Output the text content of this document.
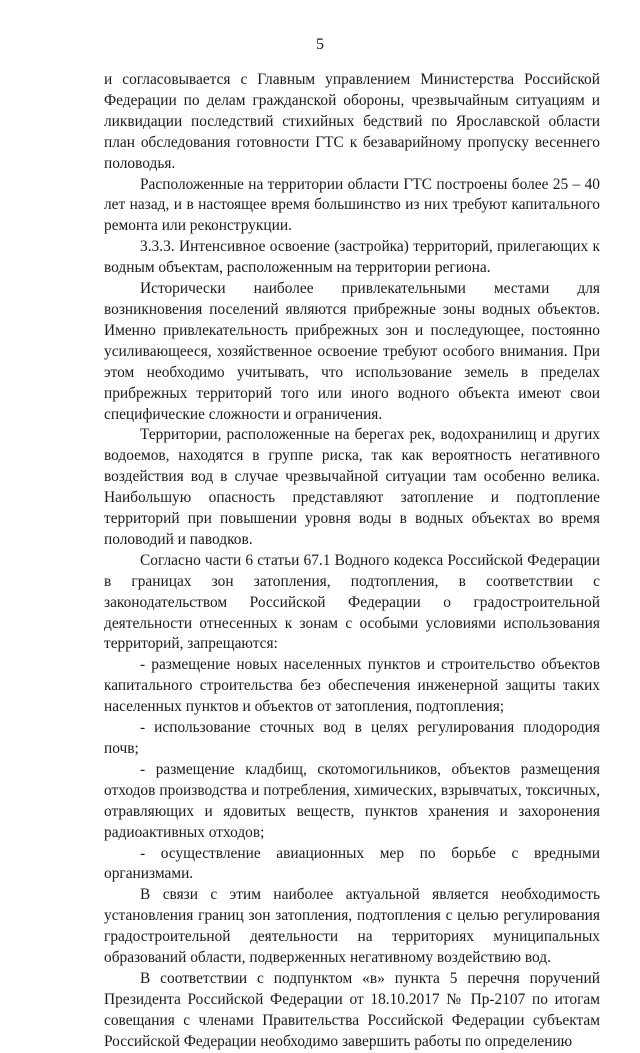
5

и согласовывается с Главным управлением Министерства Российской Федерации по делам гражданской обороны, чрезвычайным ситуациям и ликвидации последствий стихийных бедствий по Ярославской области план обследования готовности ГТС к безаварийному пропуску весеннего половодья.

Расположенные на территории области ГТС построены более 25 – 40 лет назад, и в настоящее время большинство из них требуют капитального ремонта или реконструкции.

3.3.3. Интенсивное освоение (застройка) территорий, прилегающих к водным объектам, расположенным на территории региона.

Исторически наиболее привлекательными местами для возникновения поселений являются прибрежные зоны водных объектов. Именно привлекательность прибрежных зон и последующее, постоянно усиливающееся, хозяйственное освоение требуют особого внимания. При этом необходимо учитывать, что использование земель в пределах прибрежных территорий того или иного водного объекта имеют свои специфические сложности и ограничения.

Территории, расположенные на берегах рек, водохранилищ и других водоемов, находятся в группе риска, так как вероятность негативного воздействия вод в случае чрезвычайной ситуации там особенно велика. Наибольшую опасность представляют затопление и подтопление территорий при повышении уровня воды в водных объектах во время половодий и паводков.

Согласно части 6 статьи 67.1 Водного кодекса Российской Федерации в границах зон затопления, подтопления, в соответствии с законодательством Российской Федерации о градостроительной деятельности отнесенных к зонам с особыми условиями использования территорий, запрещаются:

- размещение новых населенных пунктов и строительство объектов капитального строительства без обеспечения инженерной защиты таких населенных пунктов и объектов от затопления, подтопления;

- использование сточных вод в целях регулирования плодородия почв;

- размещение кладбищ, скотомогильников, объектов размещения отходов производства и потребления, химических, взрывчатых, токсичных, отравляющих и ядовитых веществ, пунктов хранения и захоронения радиоактивных отходов;

- осуществление авиационных мер по борьбе с вредными организмами.

В связи с этим наиболее актуальной является необходимость установления границ зон затопления, подтопления с целью регулирования градостроительной деятельности на территориях муниципальных образований области, подверженных негативному воздействию вод.

В соответствии с подпунктом «в» пункта 5 перечня поручений Президента Российской Федерации от 18.10.2017 № Пр-2107 по итогам совещания с членами Правительства Российской Федерации субъектам Российской Федерации необходимо завершить работы по определению
